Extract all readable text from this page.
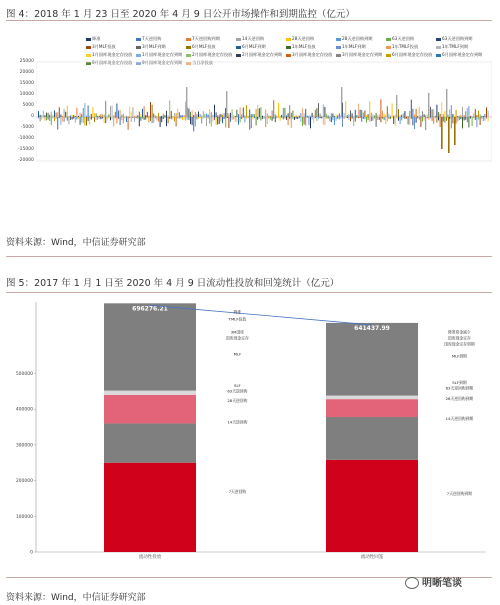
图 4：2018 年 1 月 23 日至 2020 年 4 月 9 日公开市场操作和到期监控（亿元）
降准	7天逆回购	7天逆回购到期	14天逆回购	28天逆回购	28天逆回购到期	63天逆回购	63天逆回购到期
3月MLF投放	3月MLF到期	6月MLF投放	6月MLF到期	1年MLF投放	1年MLF到期	1年TMLF投放	1年TMLF到期
1月国库现金定存投放	1月国库现金定存到期	2月国库现金定存投放	2月国库现金定存到期	3月国库现金定存投放	3月国库现金定存到期	6月国库现金定存投放	6月国库现金定存到期
9月国库现金定存投放	9月国库现金定存到期	当日净投放
25000
20000
15000
10000
5000
0
-5000
-10000
-15000
-20000
资料来源：Wind，中信证券研究部
图 5：2017 年 1 月 1 日至 2020 年 4 月 9 日流动性投放和回笼统计（亿元）
0
100000
200000
300000
400000
500000
流动性投放
696276.21
流动性回笼
641437.99
降准
TMLF投放
3M国库
国库现金定存
MLF
SLF
63天逆回购
28天逆回购
14天逆回购
7天逆回购
降准资金减少
国库现金定存
国库现金定存到期
MLF到期
SLF到期
63天逆回购到期
28天逆回购到期
14天逆回购到期
7天逆回购到期
资料来源：Wind，中信证券研究部
明晰笔谈
